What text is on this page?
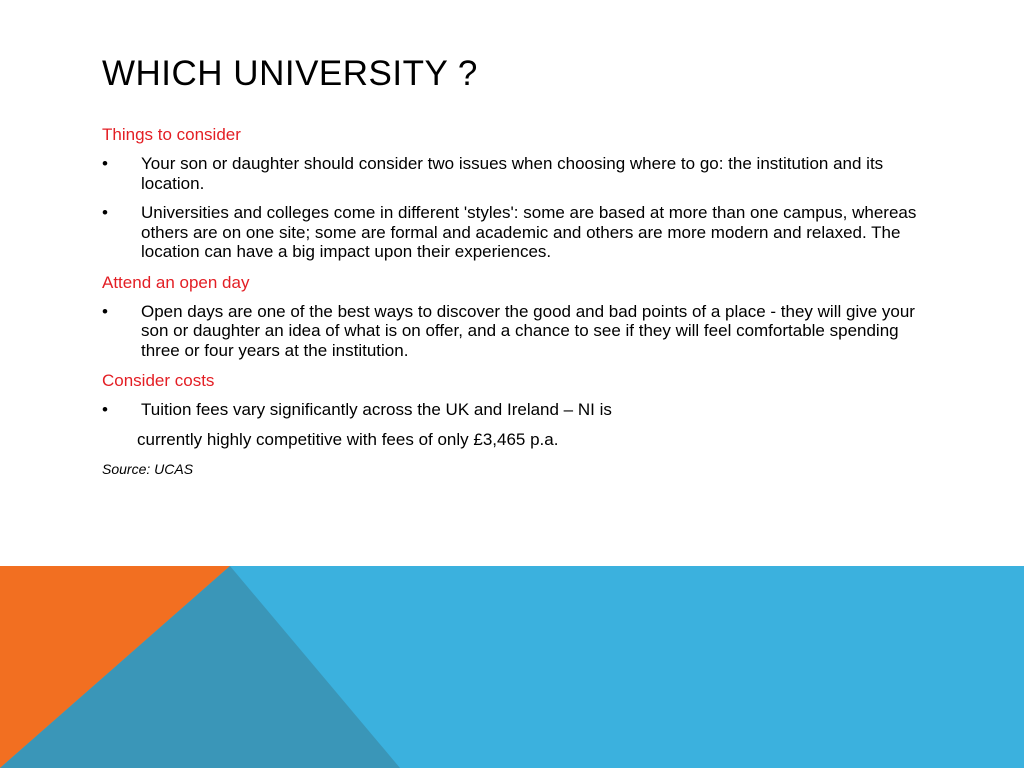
WHICH UNIVERSITY ?
Things to consider
•	Your son or daughter should consider two issues when choosing where to go: the institution and its location.
•	Universities and colleges come in different 'styles': some are based at more than one campus, whereas others are on one site; some are formal and academic and others are more modern and relaxed. The location can have a big impact upon their experiences.
Attend an open day
•	Open days are one of the best ways to discover the good and bad points of a place - they will give your son or daughter an idea of what is on offer, and a chance to see if they will feel comfortable spending three or four years at the institution.
Consider costs
•	Tuition fees vary significantly across the UK and Ireland – NI is
currently highly competitive with fees of only £3,465 p.a.
Source: UCAS
